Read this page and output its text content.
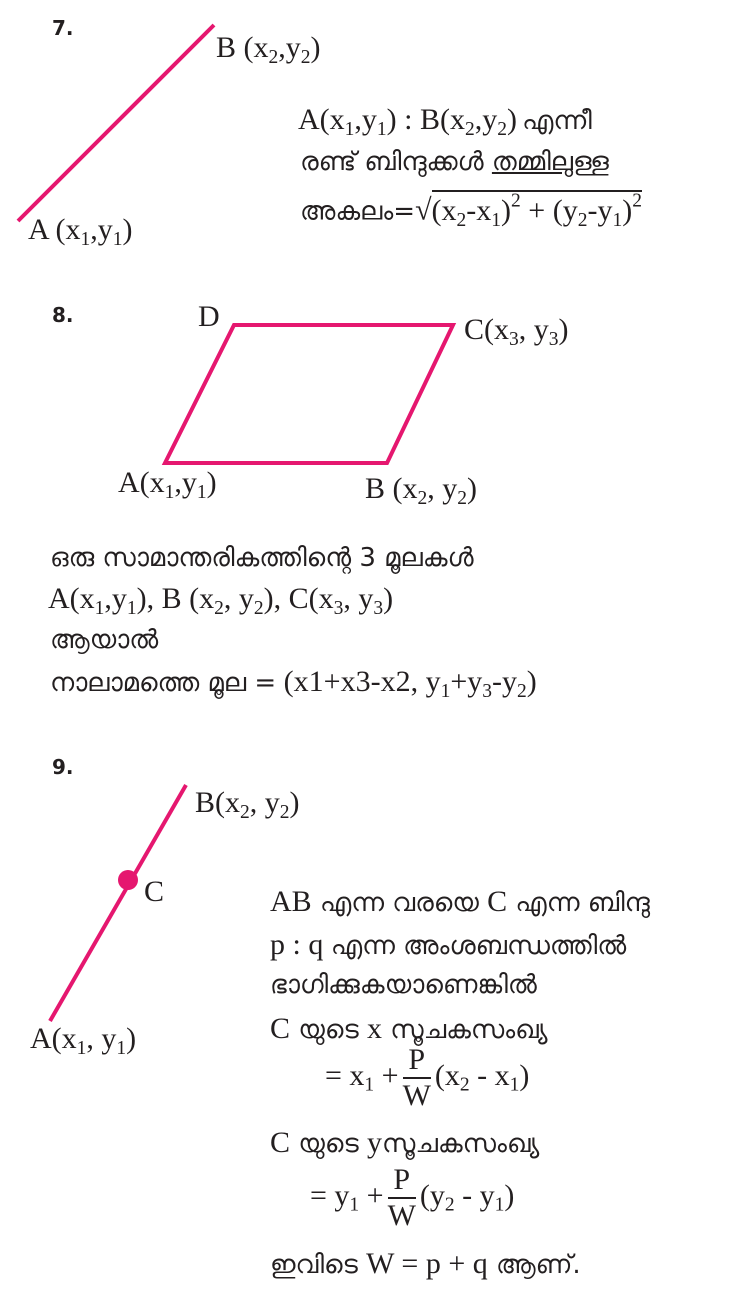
7.
B $(x_2,y_2)$
A $(x_1,y_1)$
$A(x_1,y_1)$ : $B(x_2,y_2)$ എന്നീ
രണ്ട് ബിന്ദുക്കൾ തമ്മിലുള്ള
$അകലം=√(x_2-x_1)^2 + (y_2-y_1)^2$
8.	D	$C(x_3$, $y_3$)
$A(x_1,y_1)$	B ($x_2$, $y_2$)
ഒരു സാമാന്തരികത്തിന്റെ 3 മൂലകൾ
$A(x_1,y_1)$, B ($x_2$, $y_2$), $C(x_3$, $y_3$)
ആയാൽ
നാലാമത്തെ മൂല = (x1+x3-x2, $y_1+y_3-y_2$)
9.
$B(x_2$, $y_2$)
C
$A(x_1$, $y_1$)
AB എന്ന വരയെ C എന്ന ബിന്ദു
p : q എന്ന അംശബന്ധത്തിൽ
ഭാഗിക്കുകയാണെങ്കിൽ
C യുടെ x സൂചകസംഖ്യ
= $x_1 + \frac{P}{W} (x_2 - x_1)$
C യുടെ yസൂചകസംഖ്യ
= $y_1 + \frac{P}{W} (y_2 - y_1)$
ഇവിടെ W = p + q ആണ്.
